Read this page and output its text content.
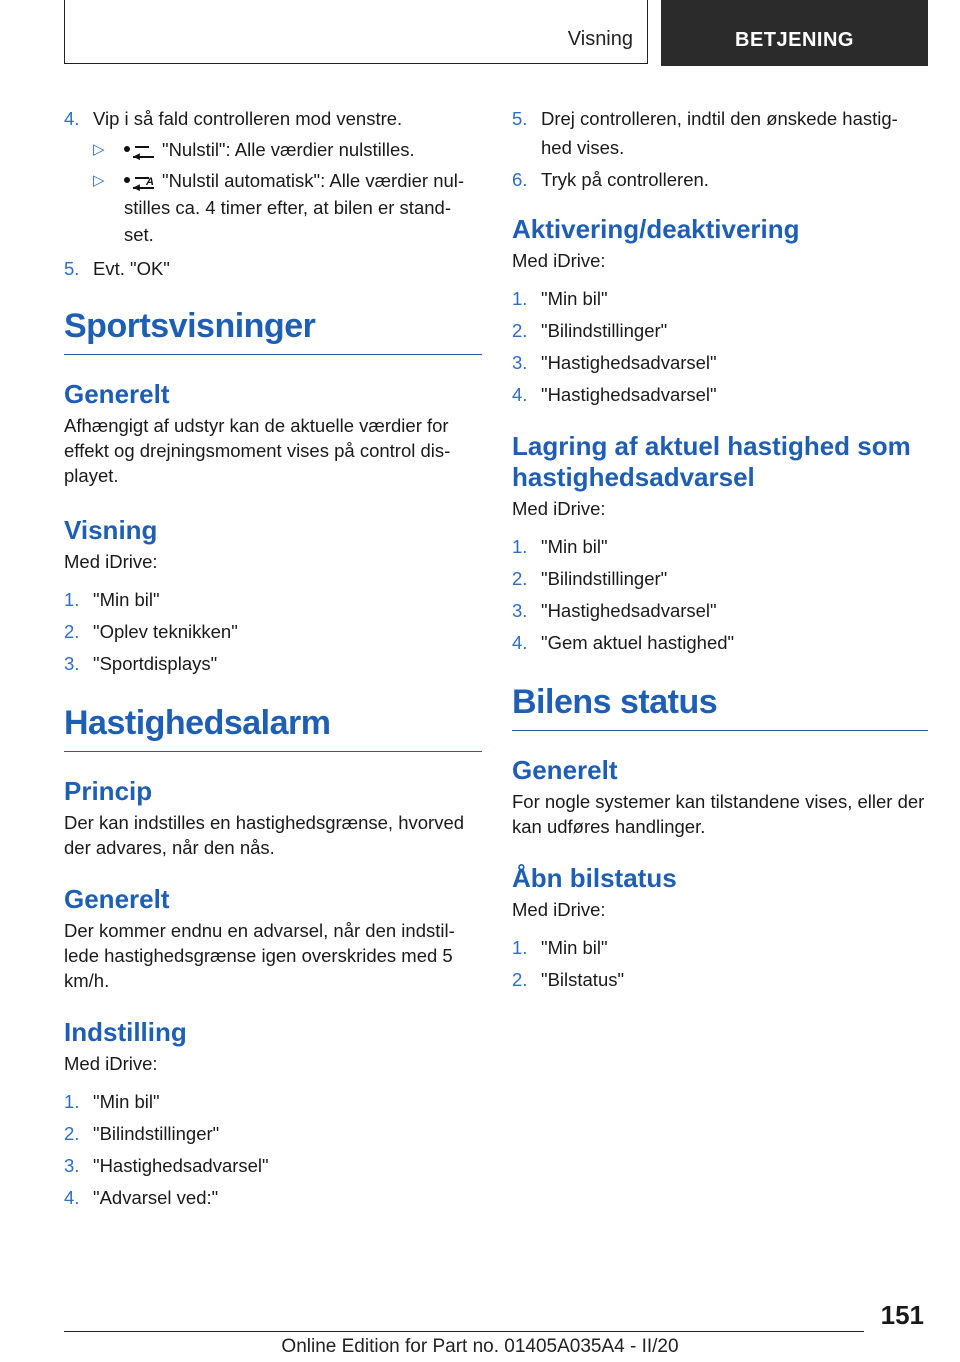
Visning	BETJENING
4. Vip i så fald controlleren mod venstre.
▷	◀ "Nulstil": Alle værdier nulstilles.
▷	◀ A "Nulstil automatisk": Alle værdier nul- stilles ca. 4 timer efter, at bilen er stand- set.
5. Evt. "OK"
Sportsvisninger
Generelt

Afhængigt af udstyr kan de aktuelle værdier for effekt og drejningsmoment vises på control dis- playet.

Visning

Med iDrive:

1. "Min bil"
2. "Oplev teknikken"
3. "Sportdisplays"
Hastighedsalarm
Princip

Der kan indstilles en hastighedsgrænse, hvorved der advares, når den nås.

Generelt

Der kommer endnu en advarsel, når den indstil- lede hastighedsgrænse igen overskrides med 5 km/h.

Indstilling

Med iDrive:

1. "Min bil"
2. "Bilindstillinger"
3. "Hastighedsadvarsel"
4. "Advarsel ved:"
5. Drej controlleren, indtil den ønskede hastig- hed vises.
6. Tryk på controlleren.
Aktivering/deaktivering

Med iDrive:

1. "Min bil"
2. "Bilindstillinger"
3. "Hastighedsadvarsel"
4. "Hastighedsadvarsel"
Lagring af aktuel hastighed som hastighedsadvarsel

Med iDrive:

1. "Min bil"
2. "Bilindstillinger"
3. "Hastighedsadvarsel"
4. "Gem aktuel hastighed"
Bilens status
Generelt

For nogle systemer kan tilstandene vises, eller der kan udføres handlinger.

Åbn bilstatus

Med iDrive:

1. "Min bil"
2. "Bilstatus"
151
Online Edition for Part no. 01405A035A4 - II/20
